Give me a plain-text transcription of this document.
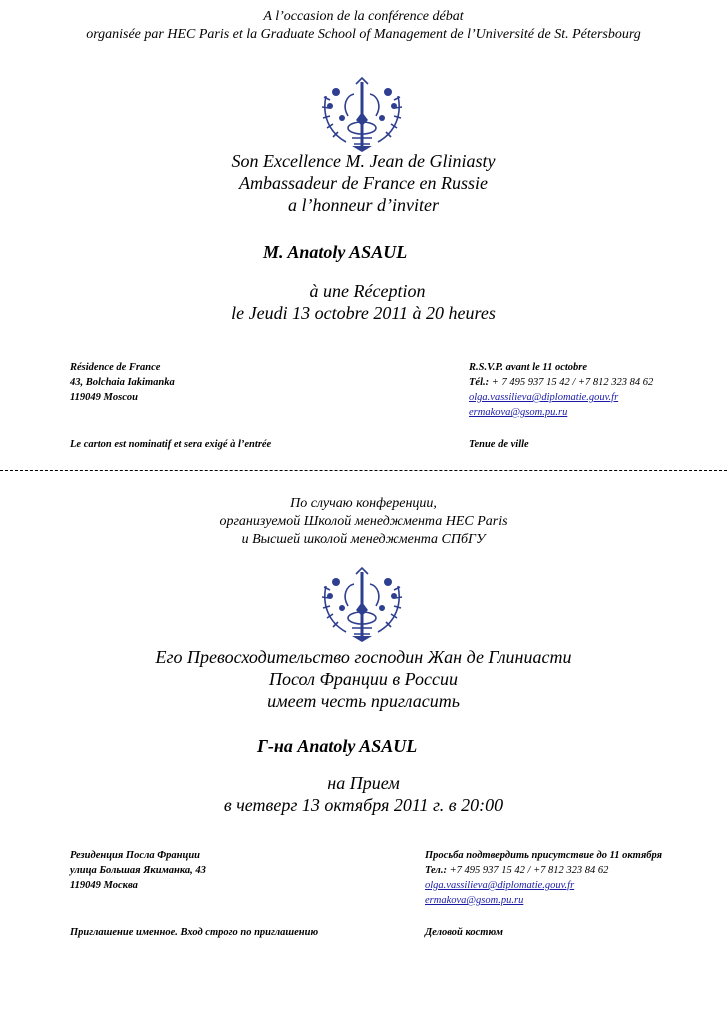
A l’occasion de la conférence débat
organisée par HEC Paris et la Graduate School of Management de l’Université de St. Pétersbourg
Son Excellence M. Jean de Gliniasty
Ambassadeur de France en Russie
a l’honneur d’inviter
M. Anatoly ASAUL
à une Réception
le Jeudi 13 octobre 2011 à 20 heures
Résidence de France
43, Bolchaia Iakimanka
119049 Moscou
R.S.V.P. avant le 11 octobre
Tél.: + 7 495 937 15 42 / +7 812 323 84 62
olga.vassilieva@diplomatie.gouv.fr
ermakova@gsom.pu.ru
Le carton est nominatif et sera exigé à l’entrée	Tenue de ville
По случаю конференции,
организуемой Школой менеджмента HEC Paris
и Высшей школой менеджмента СПбГУ
Его Превосходительство господин Жан де Глиниасти
Посол Франции в России
имеет честь пригласить
Г-на Anatoly ASAUL
на Прием
в четверг 13 октября 2011 г. в 20:00
Резиденция Посла Франции
улица Большая Якиманка, 43
119049 Москва
Просьба подтвердить присутствие до 11 октября
Тел.: +7 495 937 15 42 / +7 812 323 84 62
olga.vassilieva@diplomatie.gouv.fr
ermakova@gsom.pu.ru
Приглашение именное. Вход строго по приглашению	Деловой костюм
